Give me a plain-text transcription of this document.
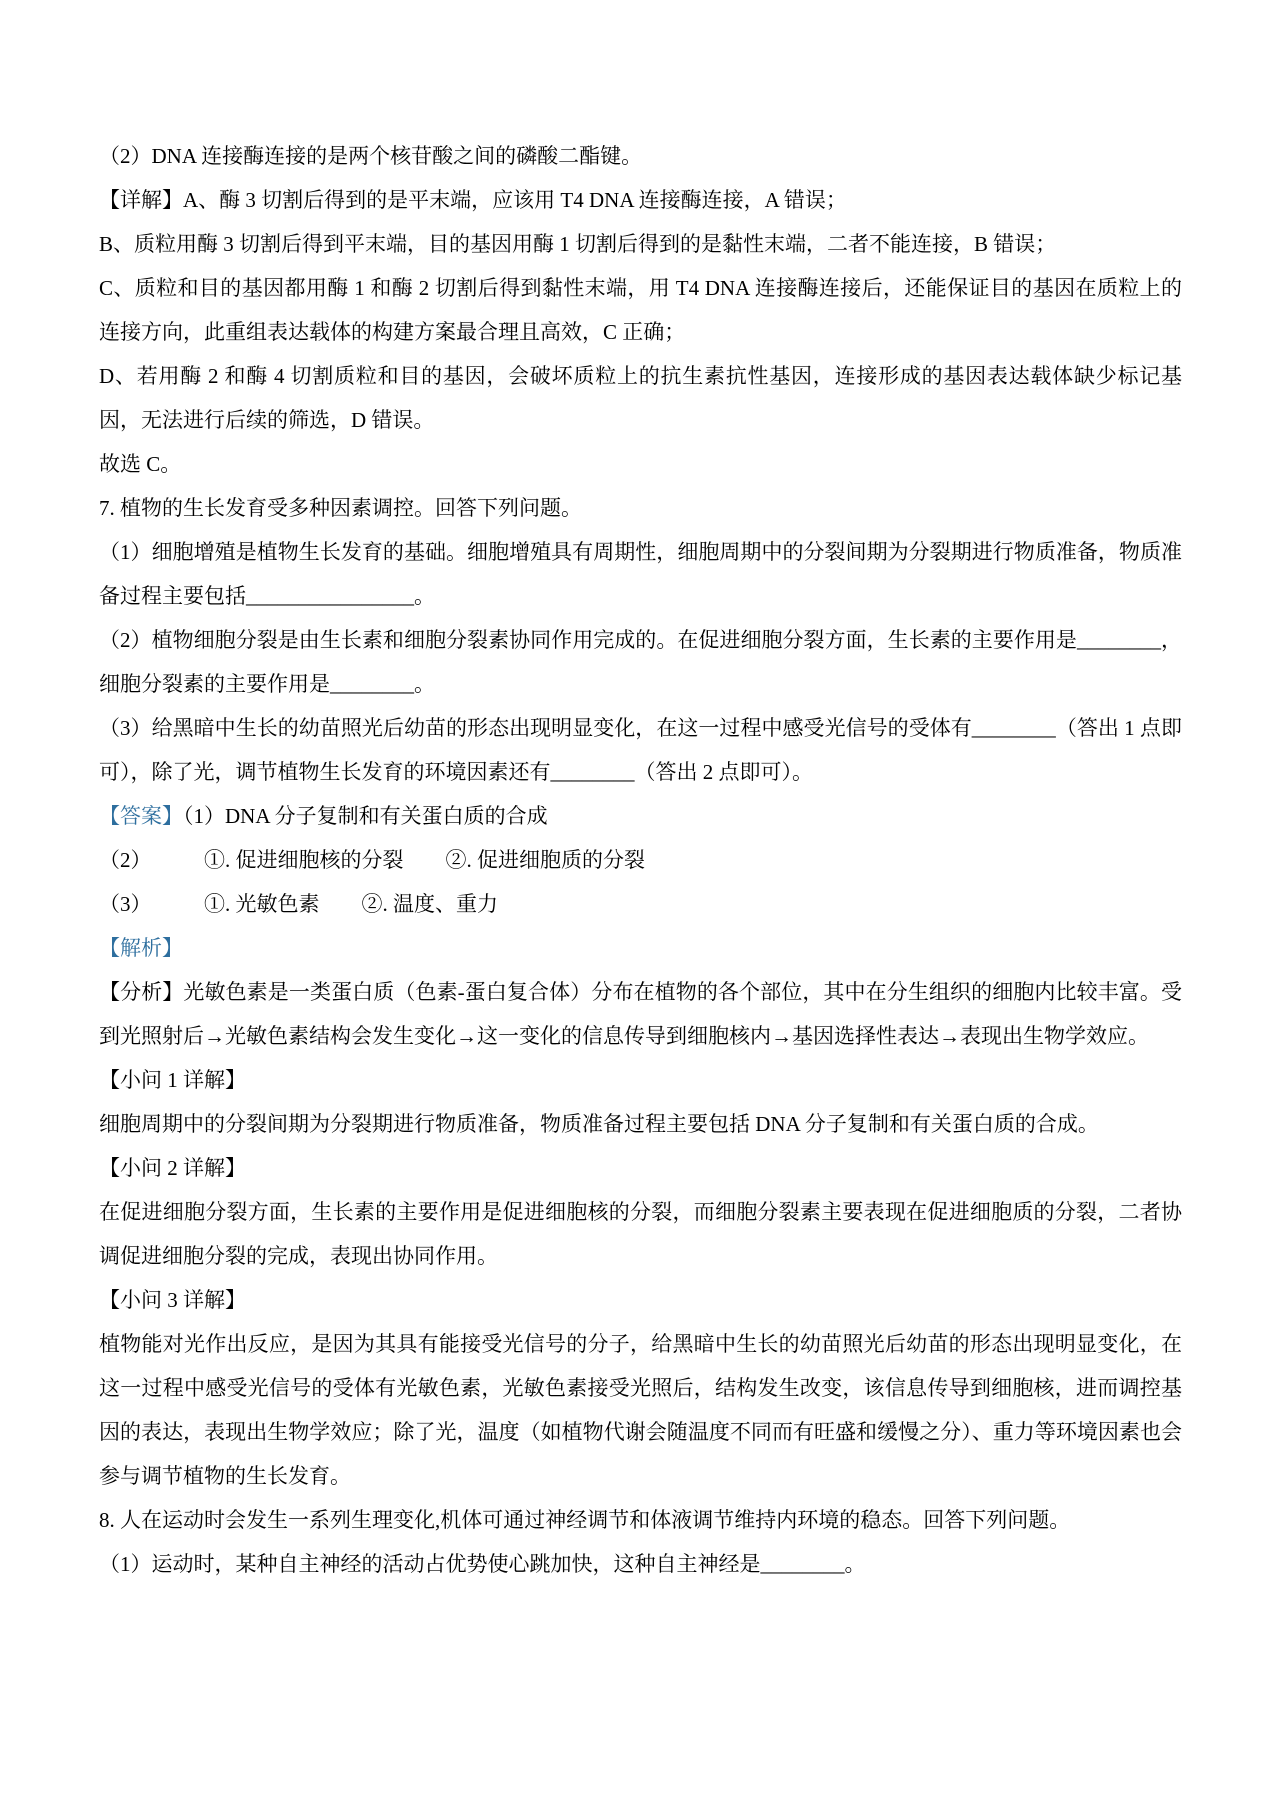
（2）DNA 连接酶连接的是两个核苷酸之间的磷酸二酯键。

【详解】A、酶 3 切割后得到的是平末端，应该用 T4 DNA 连接酶连接，A 错误；

B、质粒用酶 3 切割后得到平末端，目的基因用酶 1 切割后得到的是黏性末端，二者不能连接，B 错误；

C、质粒和目的基因都用酶 1 和酶 2 切割后得到黏性末端，用 T4 DNA 连接酶连接后，还能保证目的基因在质粒上的连接方向，此重组表达载体的构建方案最合理且高效，C 正确；

D、若用酶 2 和酶 4 切割质粒和目的基因，会破坏质粒上的抗生素抗性基因，连接形成的基因表达载体缺少标记基因，无法进行后续的筛选，D 错误。

故选 C。

7. 植物的生长发育受多种因素调控。回答下列问题。

（1）细胞增殖是植物生长发育的基础。细胞增殖具有周期性，细胞周期中的分裂间期为分裂期进行物质准备，物质准备过程主要包括________________。

（2）植物细胞分裂是由生长素和细胞分裂素协同作用完成的。在促进细胞分裂方面，生长素的主要作用是________，细胞分裂素的主要作用是________。

（3）给黑暗中生长的幼苗照光后幼苗的形态出现明显变化，在这一过程中感受光信号的受体有________（答出 1 点即可），除了光，调节植物生长发育的环境因素还有________（答出 2 点即可）。

【答案】（1）DNA 分子复制和有关蛋白质的合成

（2）　　　①. 促进细胞核的分裂　　②. 促进细胞质的分裂

（3）　　　①. 光敏色素　　②. 温度、重力

【解析】

【分析】光敏色素是一类蛋白质（色素-蛋白复合体）分布在植物的各个部位，其中在分生组织的细胞内比较丰富。受到光照射后→光敏色素结构会发生变化→这一变化的信息传导到细胞核内→基因选择性表达→表现出生物学效应。

【小问 1 详解】

细胞周期中的分裂间期为分裂期进行物质准备，物质准备过程主要包括 DNA 分子复制和有关蛋白质的合成。

【小问 2 详解】

在促进细胞分裂方面，生长素的主要作用是促进细胞核的分裂，而细胞分裂素主要表现在促进细胞质的分裂，二者协调促进细胞分裂的完成，表现出协同作用。

【小问 3 详解】

植物能对光作出反应，是因为其具有能接受光信号的分子，给黑暗中生长的幼苗照光后幼苗的形态出现明显变化，在这一过程中感受光信号的受体有光敏色素，光敏色素接受光照后，结构发生改变，该信息传导到细胞核，进而调控基因的表达，表现出生物学效应；除了光，温度（如植物代谢会随温度不同而有旺盛和缓慢之分）、重力等环境因素也会参与调节植物的生长发育。

8. 人在运动时会发生一系列生理变化,机体可通过神经调节和体液调节维持内环境的稳态。回答下列问题。

（1）运动时，某种自主神经的活动占优势使心跳加快，这种自主神经是________。
